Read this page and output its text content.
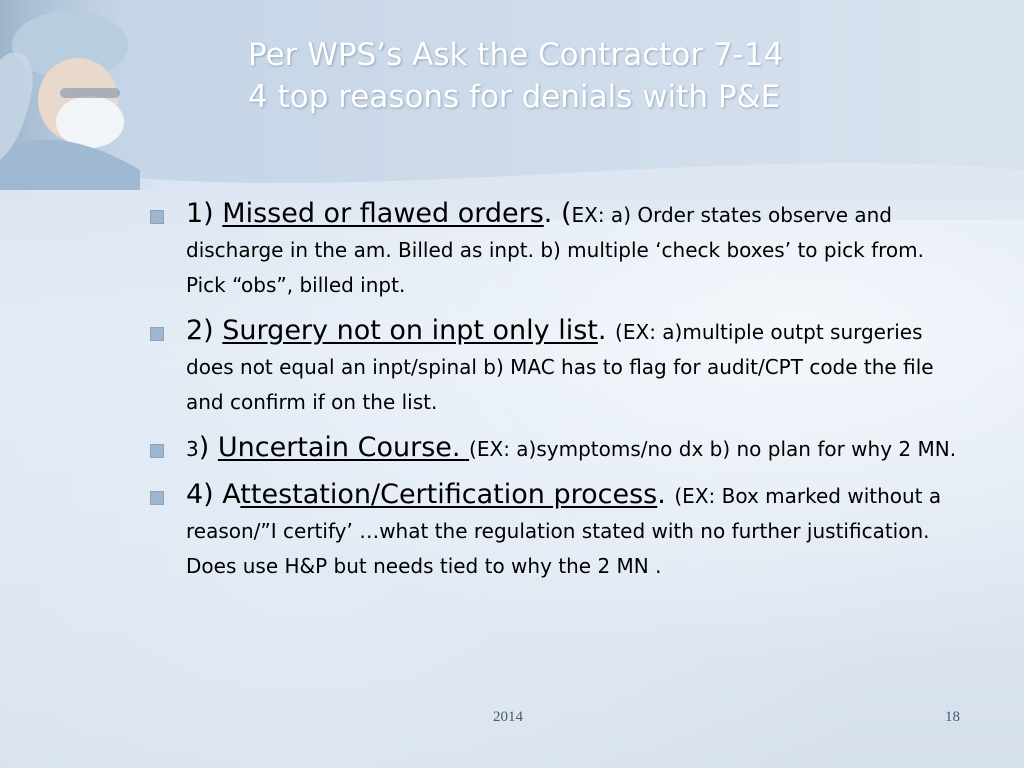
Per WPS’s Ask the Contractor 7-14
4 top reasons for denials with P&E
1) Missed or flawed orders. (EX: a) Order states observe and discharge in the am. Billed as inpt. b) multiple ‘check boxes’ to pick from. Pick “obs”, billed inpt.
2) Surgery not on inpt only list. (EX: a)multiple outpt surgeries does not equal an inpt/spinal b) MAC has to flag for audit/CPT code the file and confirm if on the list.
3) Uncertain Course. (EX: a)symptoms/no dx b) no plan for why 2 MN.
4) Attestation/Certification process. (EX: Box marked without a reason/”I certify’ …what the regulation stated with no further justification. Does use H&P but needs tied to why the 2 MN .
2014	18
